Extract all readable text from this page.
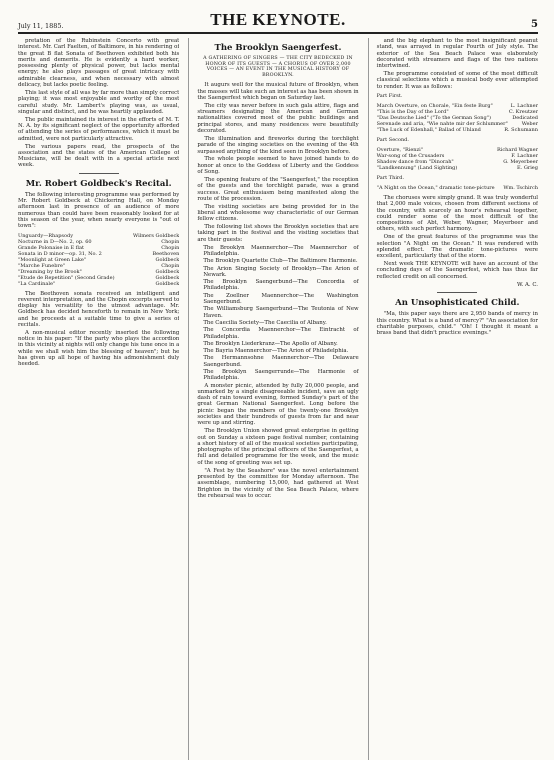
July 11, 1885.	THE KEYNOTE.	5

pretation of the Rubinstein Concerto with great interest. Mr. Carl Faelten, of Baltimore, in his rendering of the great B flat Sonata of Beethoven exhibited both his merits and demerits. He is evidently a hard worker, possessing plenty of physical power, but lacks mental energy; he also plays passages of great intricacy with admirable clearness, and when necessary with almost delicacy, but lacks poetic feeling.

This last style of all was by far more than simply correct playing; it was most enjoyable and worthy of the most careful study. Mr. Lambert's playing was, as usual, singular and distinct, and he was heartily applauded.

The public maintained its interest in the efforts of M. T. N. A. by its significant neglect of the opportunity afforded of attending the series of performances, which it must be admitted, were not particularly attractive.

The various papers read, the prospects of the association and the states of the American College of Musicians, will be dealt with in a special article next week.

Mr. Robert Goldbeck's Recital.

The following interesting programme was performed by Mr. Robert Goldbeck at Chickering Hall, on Monday afternoon last in presence of an audience of more numerous than could have been reasonably looked for at this season of the year, when nearly everyone is "out of town":

Unguardy—Rhapsody	Wilmers Goldbeck
Nocturne in D—No. 2, op. 60	Chopin
Grande Polonaise in E flat	Chopin
Sonata in D minor—op. 31, No. 2	Beethoven
"Moonlight at Green Lake"	Goldbeck
"Marche Funebre"	Chopin
"Dreaming by the Brook"	Goldbeck
"Etude de Repetition" (Second Grade)	Goldbeck
"La Cardinale"	Goldbeck

The Beethoven sonata received an intelligent and reverent interpretation, and the Chopin excerpts served to display his versatility to the utmost advantage. Mr. Goldbeck has decided henceforth to remain in New York; and he proceeds at a suitable time to give a series of recitals.

A non-musical editor recently inserted the following notice in his paper: "If the party who plays the accordion in this vicinity at nights will only change his tune once in a while we shall wish him the blessing of heaven"; but he has given up all hope of having his admonishment duly heeded.

The Brooklyn Saengerfest.
A GATHERING OF SINGERS — THE CITY BEDECKED IN HONOR OF ITS GUESTS — A CHORUS OF OVER 2,000 VOICES — AN EVENT IN THE MUSICAL HISTORY OF BROOKLYN.

It augurs well for the musical future of Brooklyn, when the masses will take such an interest as has been shown in the Saengerfest which began on Saturday last.

The city was never before in such gala attire, flags and streamers designating the American and German nationalities covered most of the public buildings and principal stores, and many residences were beautifully decorated.

The illumination and fireworks during the torchlight parade of the singing societies on the evening of the 4th surpassed anything of the kind seen in Brooklyn before.

The whole people seemed to have joined hands to do honor at once to the Goddess of Liberty and the Goddess of Song.

The opening feature of the "Saengerfest," the reception of the guests and the torchlight parade, was a grand success. Great enthusiasm being manifested along the route of the procession.

The visiting societies are being provided for in the liberal and wholesome way characteristic of our German fellow citizens.

The following list shows the Brooklyn societies that are taking part in the festival and the visiting societies that are their guests:

The Brooklyn Maennerchor—The Maennerchor of Philadelphia.

The Brooklyn Quartette Club—The Baltimore Harmonie.

The Arion Singing Society of Brooklyn—The Arion of Newark.

The Brooklyn Saengerbund—The Concordia of Philadelphia.

The Zoellner Maennerchor—The Washington Saengerbund.

The Williamsburg Saengerbund—The Teutonia of New Haven.

The Caecilia Society—The Caecilia of Albany.

The Concordia Maennerchor—The Eintracht of Philadelphia.

The Brooklyn Liederkranz—The Apollo of Albany.

The Bayria Maennerchor—The Arion of Philadelphia.

The Hermannsohne Maennerchor—The Delaware Saengerbund.

The Brooklyn Saengerrunde—The Harmonie of Philadelphia.

A monster picnic, attended by fully 20,000 people, and unmarked by a single disagreeable incident, save an ugly dash of rain toward evening, formed Sunday's part of the great German National Saengerfest. Long before the picnic began the members of the twenty-one Brooklyn societies and their hundreds of guests from far and near were up and stirring.

The Brooklyn Union showed great enterprise in getting out on Sunday a sixteen page festival number, containing a short history of all of the musical societies participating, photographs of the principal officers of the Saengerfest, a full and detailed programme for the week, and the music of the song of greeting was set up.

"A Fest by the Seashore" was the novel entertainment presented by the committee for Monday afternoon. The assemblage, numbering 15,000, had gathered at West Brighton in the vicinity of the Sea Beach Palace, where the rehearsal was to occur.

and the big elephant to the most insignificant peanut stand, was arrayed in regular Fourth of July style. The exterior of the Sea Beach Palace was elaborately decorated with streamers and flags of the two nations intertwined.

The programme consisted of some of the most difficult classical selections which a musical body ever attempted to render. It was as follows:

Part First.
March Overture, on Chorale, "Ein feste Burg"	L. Lachner
"This is the Day of the Lord"	C. Kreutzer
"Das Deutsche Lied" ("To the German Song")	Dedicated
Serenade and aria, "Wie nahte mir der Schlummer"	Weber
"The Luck of Edenhall," Ballad of Uhland	R. Schumann
Part Second.
Overture, "Rienzi"	Richard Wagner
War-song of the Crusaders	F. Lachner
Shadow dance from "Dinorah"	G. Meyerbeer
"Landkennung" (Land Sighting)	E. Grieg
Part Third.
"A Night on the Ocean," dramatic tone-picture Wm. Tschirch

The choruses were simply grand. It was truly wonderful that 2,000 male voices, chosen from different sections of the country, with scarcely an hour's rehearsal together, could render some of the most difficult of the compositions of Abt, Weber, Wagner, Meyerbeer and others, with such perfect harmony.

One of the great features of the programme was the selection "A Night on the Ocean." It was rendered with splendid effect. The dramatic tone-pictures were excellent, particularly that of the storm.

Next week THE KEYNOTE will have an account of the concluding days of the Saengerfest, which has thus far reflected credit on all concerned.

W. A. C.
An Unsophisticated Child.

"Ma, this paper says there are 2,950 bands of mercy in this country. What is a band of mercy?" "An association for charitable purposes, child." "Oh! I thought it meant a brass band that didn't practice evenings."
